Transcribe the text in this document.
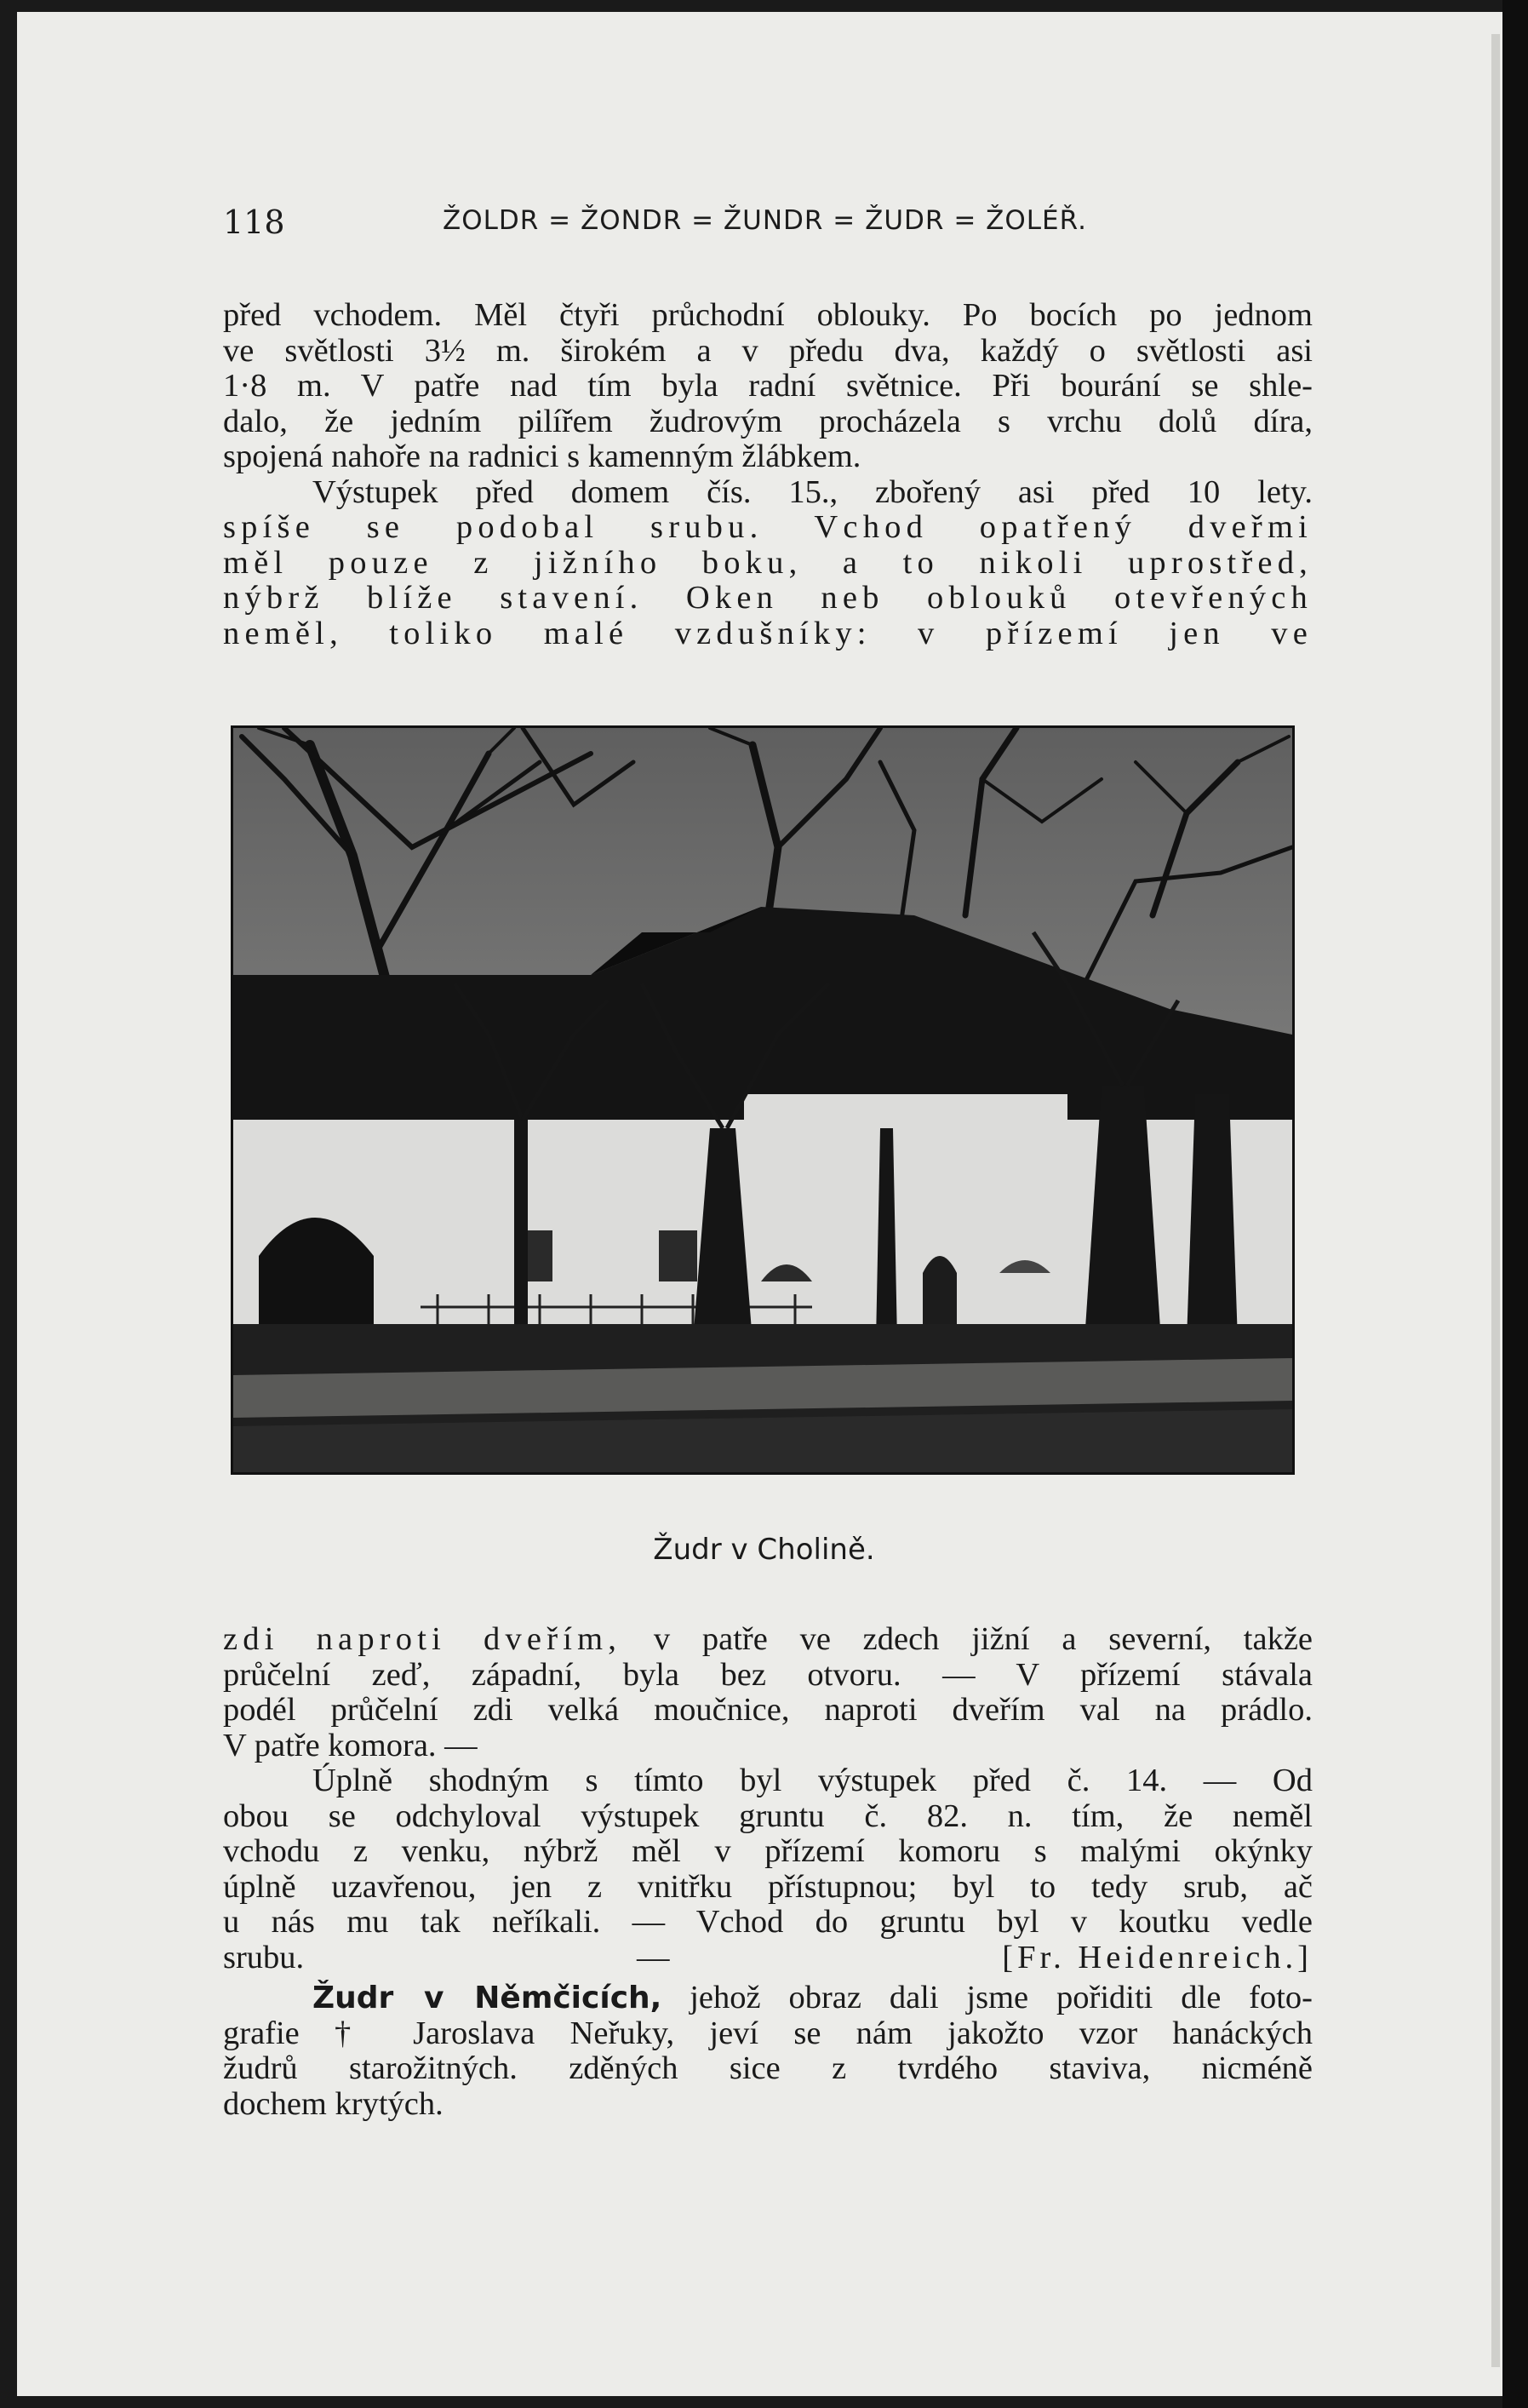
118	ŽOLDR = ŽONDR = ŽUNDR = ŽUDR = ŽOLÉŘ.
před vchodem. Měl čtyři průchodní oblouky. Po bocích po jednom
ve světlosti 3½ m. širokém a v předu dva, každý o světlosti asi
1·8 m. V patře nad tím byla radní světnice. Při bourání se shle-
dalo, že jedním pilířem žudrovým procházela s vrchu dolů díra,
spojená nahoře na radnici s kamenným žlábkem.
Výstupek před domem čís. 15., zbořený asi před 10 lety.
spíše se podobal srubu. Vchod opatřený dveřmi
měl pouze z jižního boku, a to nikoli uprostřed,
nýbrž blíže stavení. Oken neb oblouků otevřených
neměl, toliko malé vzdušníky: v přízemí jen ve
Žudr v Cholině.
zdi naproti dveřím, v patře ve zdech jižní a severní, takže
průčelní zeď, západní, byla bez otvoru. — V přízemí stávala
podél průčelní zdi velká moučnice, naproti dveřím val na prádlo.
V patře komora. —
Úplně shodným s tímto byl výstupek před č. 14. — Od
obou se odchyloval výstupek gruntu č. 82. n. tím, že neměl
vchodu z venku, nýbrž měl v přízemí komoru s malými okýnky
úplně uzavřenou, jen z vnitřku přístupnou; byl to tedy srub, ač
u nás mu tak neříkali. — Vchod do gruntu byl v koutku vedle
srubu. —	[Fr. Heidenreich.]
Žudr v Němčicích, jehož obraz dali jsme pořiditi dle foto-
grafie † Jaroslava Neřuky, jeví se nám jakožto vzor hanáckých
žudrů starožitných. zděných sice z tvrdého staviva, nicméně
dochem krytých.
